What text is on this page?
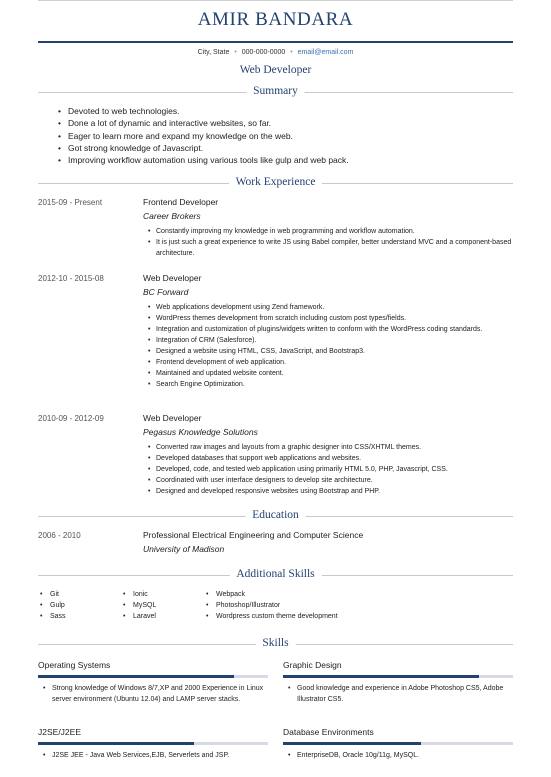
AMIR BANDARA
City, State • 000-000-0000 • email@email.com
Web Developer
Summary
• Devoted to web technologies.
• Done a lot of dynamic and interactive websites, so far.
• Eager to learn more and expand my knowledge on the web.
• Got strong knowledge of Javascript.
• Improving workflow automation using various tools like gulp and web pack.
Work Experience
2015-09 - Present	Frontend Developer
Career Brokers
• Constantly improving my knowledge in web programming and workflow automation.
• It is just such a great experience to write JS using Babel compiler, better understand MVC and a component-based architecture.
2012-10 - 2015-08	Web Developer
BC Forward
• Web applications development using Zend framework.
• WordPress themes development from scratch including custom post types/fields.
• Integration and customization of plugins/widgets written to conform with the WordPress coding standards.
• Integration of CRM (Salesforce).
• Designed a website using HTML, CSS, JavaScript, and Bootstrap3.
• Frontend development of web application.
• Maintained and updated website content.
• Search Engine Optimization.
2010-09 - 2012-09	Web Developer
Pegasus Knowledge Solutions
• Converted raw images and layouts from a graphic designer into CSS/XHTML themes.
• Developed databases that support web applications and websites.
• Developed, code, and tested web application using primarily HTML 5.0, PHP, Javascript, CSS.
• Coordinated with user interface designers to develop site architecture.
• Designed and developed responsive websites using Bootstrap and PHP.
Education
2006 - 2010	Professional Electrical Engineering and Computer Science
University of Madison
Additional Skills
• Git
• Gulp
• Sass
• Ionic
• MySQL
• Laravel
• Webpack
• Photoshop/Illustrator
• Wordpress custom theme development
Skills
Operating Systems
• Strong knowledge of Windows 8/7,XP and 2000 Experience in Linux server environment (Ubuntu 12.04) and LAMP server stacks.
Graphic Design
• Good knowledge and experience in Adobe Photoshop CS5, Adobe Illustrator CS5.
J2SE/J2EE
• J2SE JEE - Java Web Services,EJB, Serverlets and JSP.
Database Environments
• EnterpriseDB, Oracle 10g/11g, MySQL.
